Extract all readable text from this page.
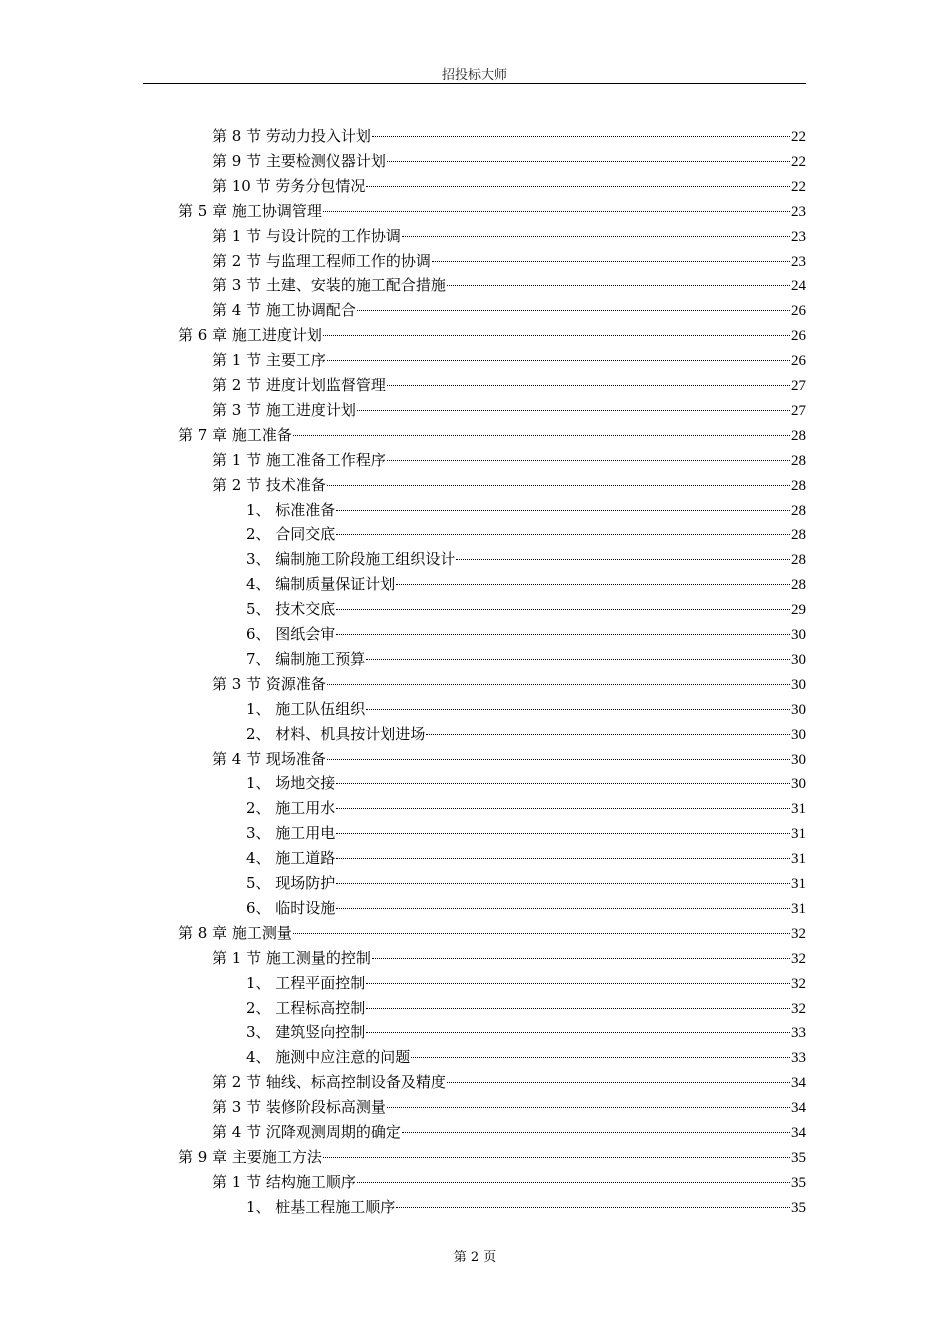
招投标大师
第 8 节 劳动力投入计划	22
第 9 节 主要检测仪器计划	22
第 10 节 劳务分包情况	22
第 5 章 施工协调管理	23
第 1 节 与设计院的工作协调	23
第 2 节 与监理工程师工作的协调	23
第 3 节 土建、安装的施工配合措施	24
第 4 节 施工协调配合	26
第 6 章 施工进度计划	26
第 1 节 主要工序	26
第 2 节 进度计划监督管理	27
第 3 节 施工进度计划	27
第 7 章 施工准备	28
第 1 节 施工准备工作程序	28
第 2 节 技术准备	28
1、 标准准备	28
2、 合同交底	28
3、 编制施工阶段施工组织设计	28
4、 编制质量保证计划	28
5、 技术交底	29
6、 图纸会审	30
7、 编制施工预算	30
第 3 节 资源准备	30
1、 施工队伍组织	30
2、 材料、机具按计划进场	30
第 4 节 现场准备	30
1、 场地交接	30
2、 施工用水	31
3、 施工用电	31
4、 施工道路	31
5、 现场防护	31
6、 临时设施	31
第 8 章 施工测量	32
第 1 节 施工测量的控制	32
1、 工程平面控制	32
2、 工程标高控制	32
3、 建筑竖向控制	33
4、 施测中应注意的问题	33
第 2 节 轴线、标高控制设备及精度	34
第 3 节 装修阶段标高测量	34
第 4 节 沉降观测周期的确定	34
第 9 章 主要施工方法	35
第 1 节 结构施工顺序	35
1、 桩基工程施工顺序	35
第 2 页
